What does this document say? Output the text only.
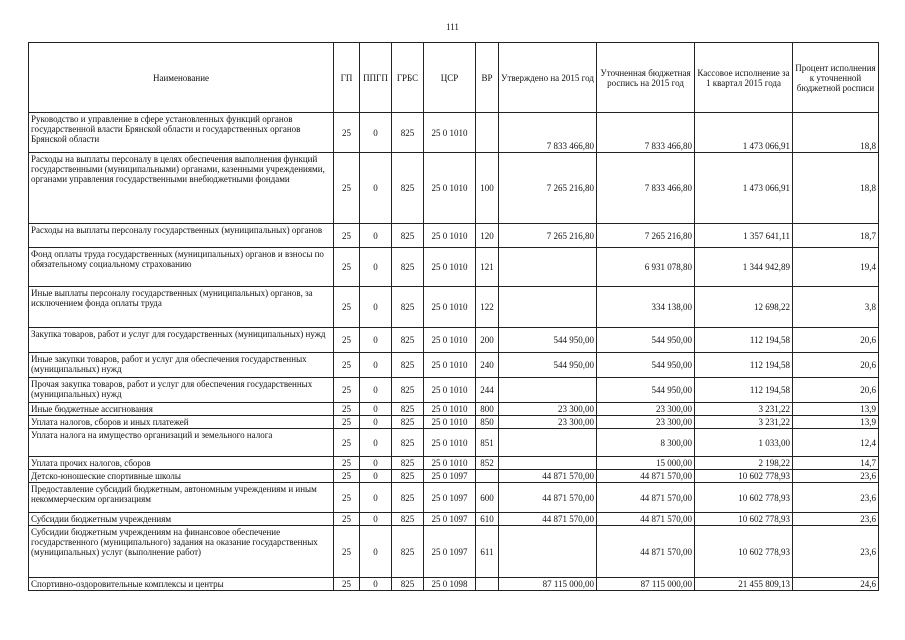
111
Наименование	ГП	ППГП	ГРБС	ЦСР	ВР	Утверждено на 2015 год	Уточненная бюджетная роспись на 2015 год	Кассовое исполнение за 1 квартал 2015 года	Процент исполнения к уточненной бюджетной росписи
Руководство и управление в сфере установленных функций органов государственной власти Брянской области и государственных органов Брянской области	25	0	825	25 0 1010		7 833 466,80	7 833 466,80	1 473 066,91	18,8
Расходы на выплаты персоналу в целях обеспечения выполнения функций государственными (муниципальными) органами, казенными учреждениями, органами управления государственными внебюджетными фондами	25	0	825	25 0 1010	100	7 265 216,80	7 833 466,80	1 473 066,91	18,8
Расходы на выплаты персоналу государственных (муниципальных) органов	25	0	825	25 0 1010	120	7 265 216,80	7 265 216,80	1 357 641,11	18,7
Фонд оплаты труда государственных (муниципальных) органов и взносы по обязательному социальному страхованию	25	0	825	25 0 1010	121		6 931 078,80	1 344 942,89	19,4
Иные выплаты персоналу государственных (муниципальных) органов, за исключением фонда оплаты труда	25	0	825	25 0 1010	122		334 138,00	12 698,22	3,8
Закупка товаров, работ и услуг для государственных (муниципальных) нужд	25	0	825	25 0 1010	200	544 950,00	544 950,00	112 194,58	20,6
Иные закупки товаров, работ и услуг для обеспечения государственных (муниципальных) нужд	25	0	825	25 0 1010	240	544 950,00	544 950,00	112 194,58	20,6
Прочая закупка товаров, работ и услуг для обеспечения государственных (муниципальных) нужд	25	0	825	25 0 1010	244		544 950,00	112 194,58	20,6
Иные бюджетные ассигнования	25	0	825	25 0 1010	800	23 300,00	23 300,00	3 231,22	13,9
Уплата налогов, сборов и иных платежей	25	0	825	25 0 1010	850	23 300,00	23 300,00	3 231,22	13,9
Уплата налога на имущество организаций и земельного налога	25	0	825	25 0 1010	851		8 300,00	1 033,00	12,4
Уплата прочих налогов, сборов	25	0	825	25 0 1010	852		15 000,00	2 198,22	14,7
Детско-юношеские спортивные школы	25	0	825	25 0 1097		44 871 570,00	44 871 570,00	10 602 778,93	23,6
Предоставление субсидий бюджетным, автономным учреждениям и иным некоммерческим организациям	25	0	825	25 0 1097	600	44 871 570,00	44 871 570,00	10 602 778,93	23,6
Субсидии бюджетным учреждениям	25	0	825	25 0 1097	610	44 871 570,00	44 871 570,00	10 602 778,93	23,6
Субсидии бюджетным учреждениям на финансовое обеспечение государственного (муниципального) задания на оказание государственных (муниципальных) услуг (выполнение работ)	25	0	825	25 0 1097	611		44 871 570,00	10 602 778,93	23,6
Спортивно-оздоровительные комплексы и центры	25	0	825	25 0 1098		87 115 000,00	87 115 000,00	21 455 809,13	24,6
